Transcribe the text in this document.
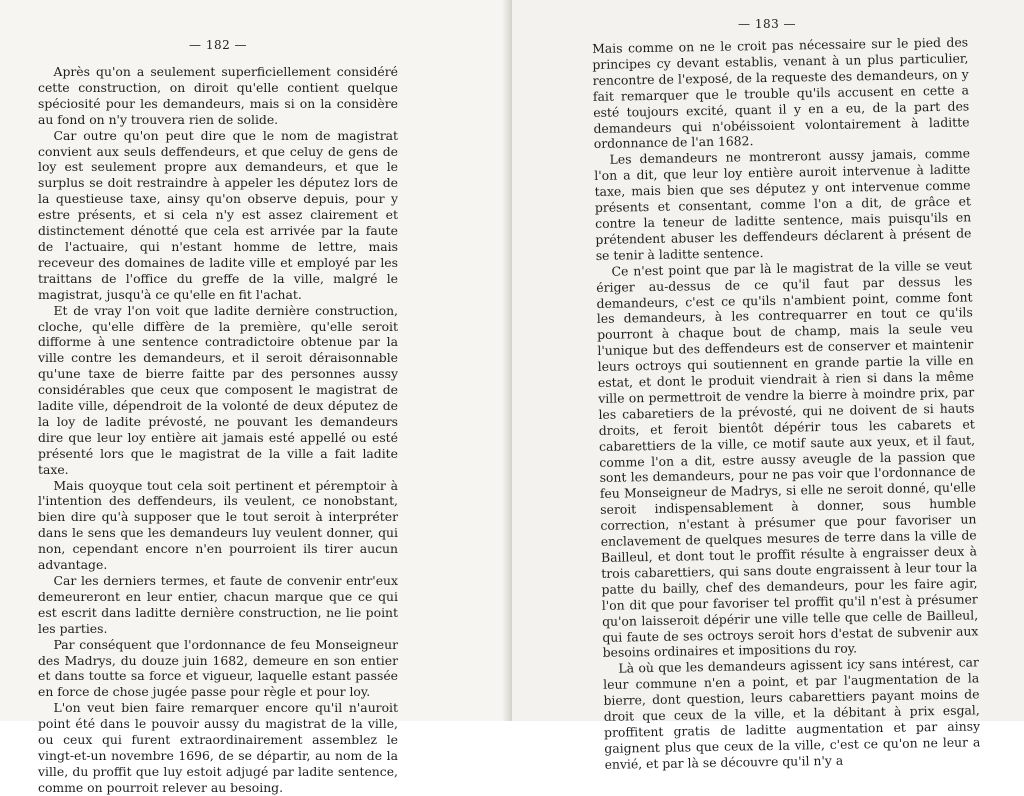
— 182 —

Après qu'on a seulement superficiellement considéré cette construction, on diroit qu'elle contient quelque spéciosité pour les demandeurs, mais si on la considère au fond on n'y trouvera rien de solide.

Car outre qu'on peut dire que le nom de magistrat convient aux seuls deffendeurs, et que celuy de gens de loy est seulement propre aux demandeurs, et que le surplus se doit restraindre à appeler les députez lors de la questieuse taxe, ainsy qu'on observe depuis, pour y estre présents, et si cela n'y est assez clairement et distinctement dénotté que cela est arrivée par la faute de l'actuaire, qui n'estant homme de lettre, mais receveur des domaines de ladite ville et employé par les traittans de l'office du greffe de la ville, malgré le magistrat, jusqu'à ce qu'elle en fit l'achat.

Et de vray l'on voit que ladite dernière construction, cloche, qu'elle diffère de la première, qu'elle seroit difforme à une sentence contradictoire obtenue par la ville contre les demandeurs, et il seroit déraisonnable qu'une taxe de bierre faitte par des personnes aussy considérables que ceux que composent le magistrat de ladite ville, dépendroit de la volonté de deux députez de la loy de ladite prévosté, ne pouvant les demandeurs dire que leur loy entière ait jamais esté appellé ou esté présenté lors que le magistrat de la ville a fait ladite taxe.

Mais quoyque tout cela soit pertinent et péremptoir à l'intention des deffendeurs, ils veulent, ce nonobstant, bien dire qu'à supposer que le tout seroit à interpréter dans le sens que les demandeurs luy veulent donner, qui non, cependant encore n'en pourroient ils tirer aucun advantage.

Car les derniers termes, et faute de convenir entr'eux demeureront en leur entier, chacun marque que ce qui est escrit dans laditte dernière construction, ne lie point les parties.

Par conséquent que l'ordonnance de feu Monseigneur des Madrys, du douze juin 1682, demeure en son entier et dans toutte sa force et vigueur, laquelle estant passée en force de chose jugée passe pour règle et pour loy.

L'on veut bien faire remarquer encore qu'il n'auroit point été dans le pouvoir aussy du magistrat de la ville, ou ceux qui furent extraordinairement assemblez le vingt-et-un novembre 1696, de se départir, au nom de la ville, du proffit que luy estoit adjugé par ladite sentence, comme on pourroit relever au besoing.

— 183 —

Mais comme on ne le croit pas nécessaire sur le pied des principes cy devant establis, venant à un plus particulier, rencontre de l'exposé, de la requeste des demandeurs, on y fait remarquer que le trouble qu'ils accusent en cette a esté toujours excité, quant il y en a eu, de la part des demandeurs qui n'obéissoient volontairement à laditte ordonnance de l'an 1682.

Les demandeurs ne montreront aussy jamais, comme l'on a dit, que leur loy entière auroit intervenue à laditte taxe, mais bien que ses députez y ont intervenue comme présents et consentant, comme l'on a dit, de grâce et contre la teneur de laditte sentence, mais puisqu'ils en prétendent abuser les deffendeurs déclarent à présent de se tenir à laditte sentence.

Ce n'est point que par là le magistrat de la ville se veut ériger au-dessus de ce qu'il faut par dessus les demandeurs, c'est ce qu'ils n'ambient point, comme font les demandeurs, à les contrequarrer en tout ce qu'ils pourront à chaque bout de champ, mais la seule veu l'unique but des deffendeurs est de conserver et maintenir leurs octroys qui soutiennent en grande partie la ville en estat, et dont le produit viendrait à rien si dans la même ville on permettroit de vendre la bierre à moindre prix, par les cabaretiers de la prévosté, qui ne doivent de si hauts droits, et feroit bientôt dépérir tous les cabarets et cabarettiers de la ville, ce motif saute aux yeux, et il faut, comme l'on a dit, estre aussy aveugle de la passion que sont les demandeurs, pour ne pas voir que l'ordonnance de feu Monseigneur de Madrys, si elle ne seroit donné, qu'elle seroit indispensablement à donner, sous humble correction, n'estant à présumer que pour favoriser un enclavement de quelques mesures de terre dans la ville de Bailleul, et dont tout le proffit résulte à engraisser deux à trois cabarettiers, qui sans doute engraissent à leur tour la patte du bailly, chef des demandeurs, pour les faire agir, l'on dit que pour favoriser tel proffit qu'il n'est à présumer qu'on laisseroit dépérir une ville telle que celle de Bailleul, qui faute de ses octroys seroit hors d'estat de subvenir aux besoins ordinaires et impositions du roy.

Là où que les demandeurs agissent icy sans intérest, car leur commune n'en a point, et par l'augmentation de la bierre, dont question, leurs cabarettiers payant moins de droit que ceux de la ville, et la débitant à prix esgal, proffitent gratis de laditte augmentation et par ainsy gaignent plus que ceux de la ville, c'est ce qu'on ne leur a envié, et par là se découvre qu'il n'y a
